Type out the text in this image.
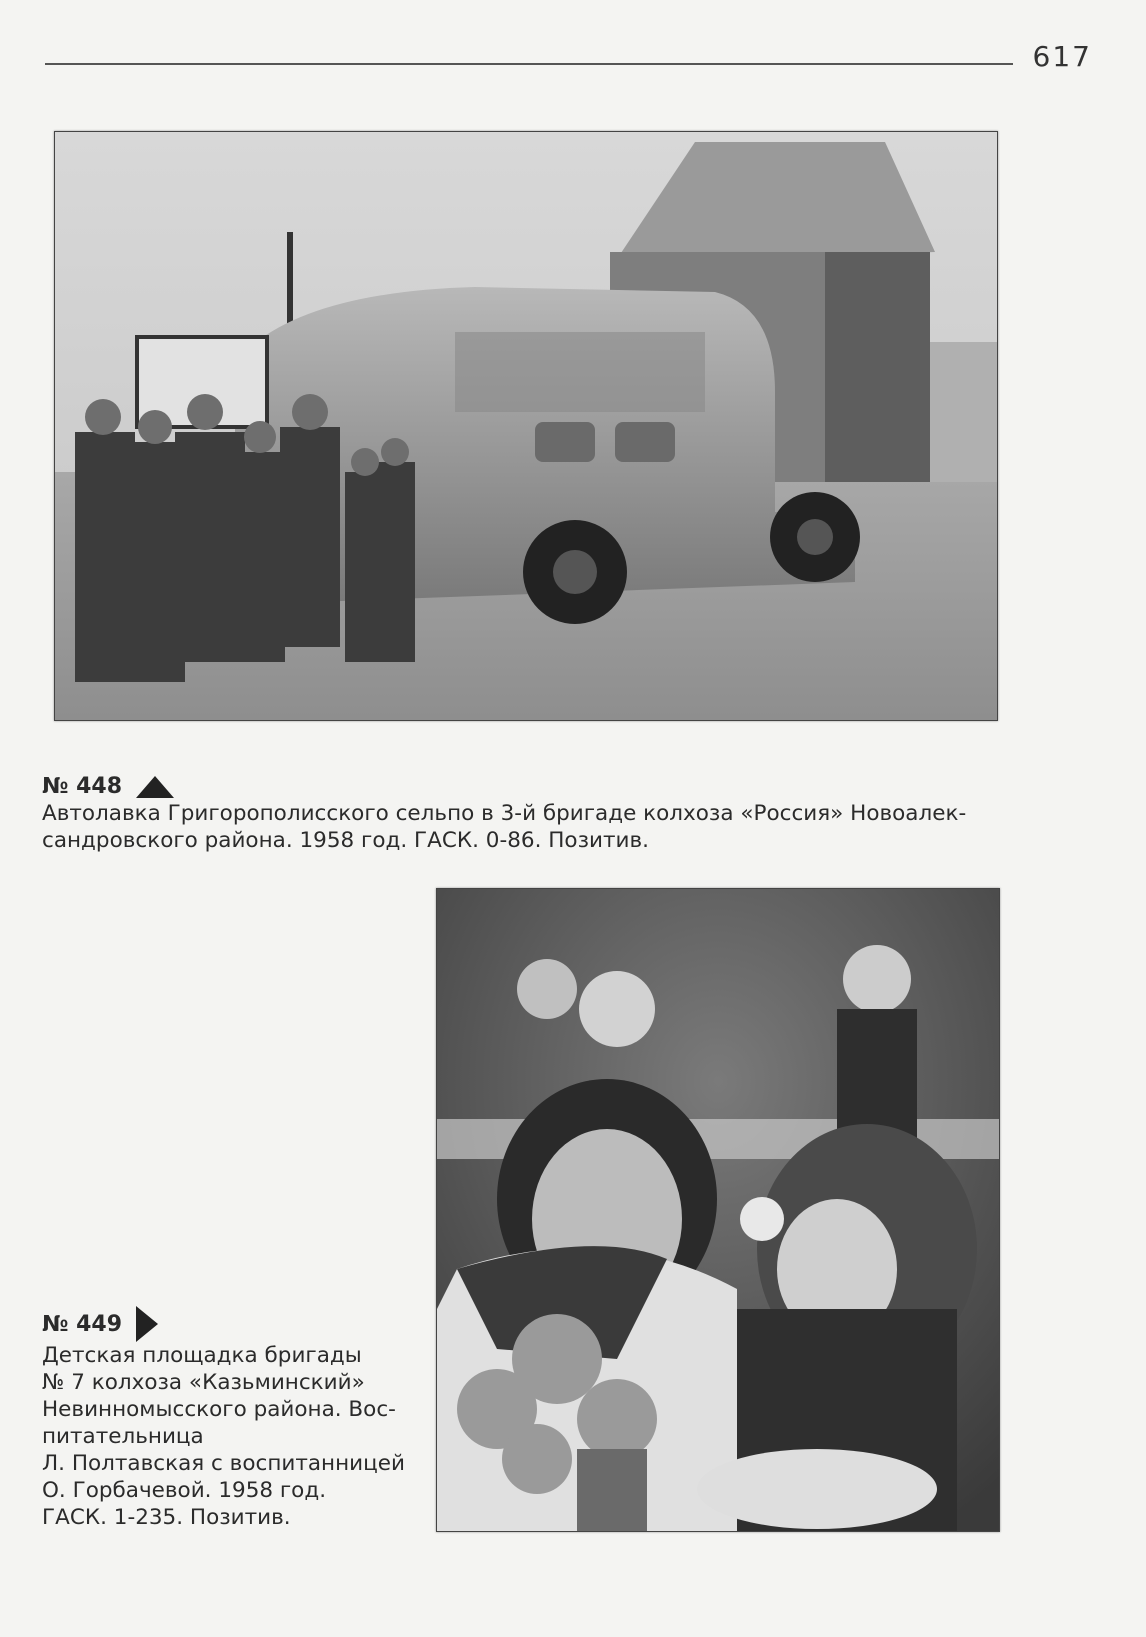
617
№ 448

Автолавка Григорополисского сельпо в 3-й бригаде колхоза «Россия» Новоалек-

сандровского района. 1958 год. ГАСК. 0-86. Позитив.

№ 449

Детская площадка бригады

№ 7 колхоза «Казьминский»

Невинномысского района. Вос-

питательница

Л. Полтавская с воспитанницей

О. Горбачевой. 1958 год.

ГАСК. 1-235. Позитив.
